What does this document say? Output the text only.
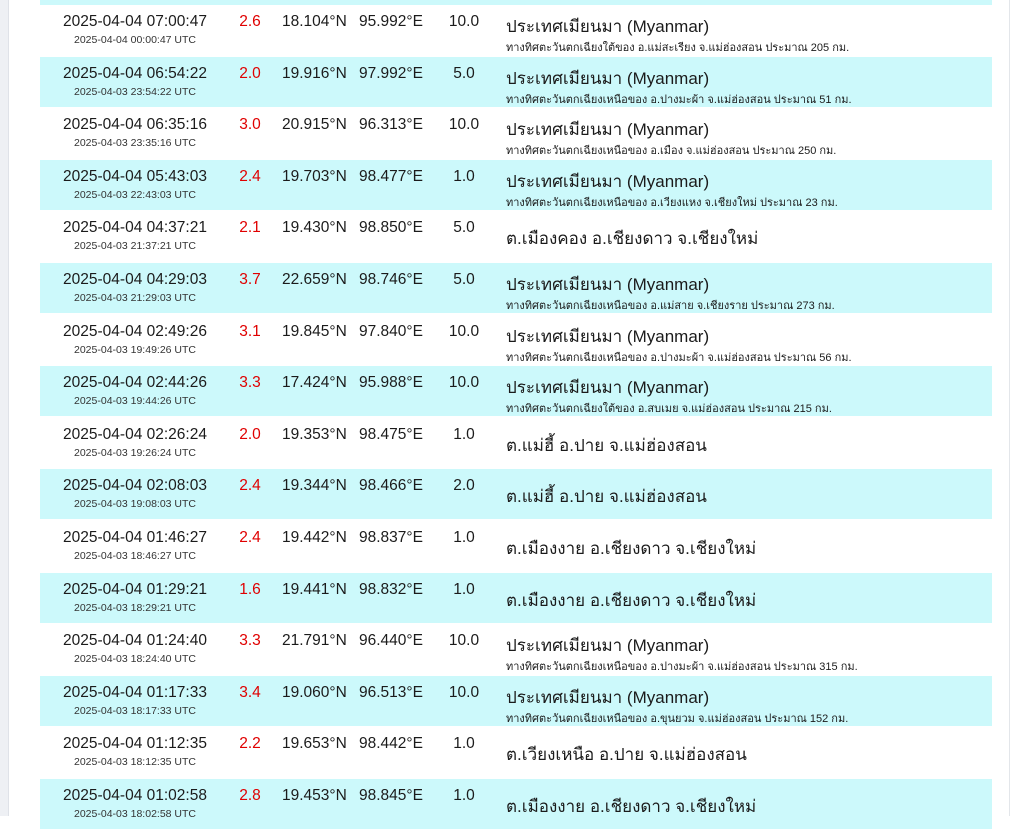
2025-04-04 07:00:47
2025-04-04 00:00:47 UTC
2.6	18.104°N 95.992°E	10.0	ประเทศเมียนมา (Myanmar)
ทางทิศตะวันตกเฉียงใต้ของ อ.แม่สะเรียง จ.แม่ฮ่องสอน ประมาณ 205 กม.
2025-04-04 06:54:22
2025-04-03 23:54:22 UTC
2.0	19.916°N 97.992°E	5.0	ประเทศเมียนมา (Myanmar)
ทางทิศตะวันตกเฉียงเหนือของ อ.ปางมะผ้า จ.แม่ฮ่องสอน ประมาณ 51 กม.
2025-04-04 06:35:16
2025-04-03 23:35:16 UTC
3.0	20.915°N 96.313°E	10.0	ประเทศเมียนมา (Myanmar)
ทางทิศตะวันตกเฉียงเหนือของ อ.เมือง จ.แม่ฮ่องสอน ประมาณ 250 กม.
2025-04-04 05:43:03
2025-04-03 22:43:03 UTC
2.4	19.703°N 98.477°E	1.0	ประเทศเมียนมา (Myanmar)
ทางทิศตะวันตกเฉียงเหนือของ อ.เวียงแหง จ.เชียงใหม่ ประมาณ 23 กม.
2025-04-04 04:37:21
2025-04-03 21:37:21 UTC
2.1	19.430°N 98.850°E	5.0
ต.เมืองคอง อ.เชียงดาว จ.เชียงใหม่
2025-04-04 04:29:03
2025-04-03 21:29:03 UTC
3.7	22.659°N 98.746°E	5.0	ประเทศเมียนมา (Myanmar)
ทางทิศตะวันตกเฉียงเหนือของ อ.แม่สาย จ.เชียงราย ประมาณ 273 กม.
2025-04-04 02:49:26
2025-04-03 19:49:26 UTC
3.1	19.845°N 97.840°E	10.0	ประเทศเมียนมา (Myanmar)
ทางทิศตะวันตกเฉียงเหนือของ อ.ปางมะผ้า จ.แม่ฮ่องสอน ประมาณ 56 กม.
2025-04-04 02:44:26
2025-04-03 19:44:26 UTC
3.3	17.424°N 95.988°E	10.0	ประเทศเมียนมา (Myanmar)
ทางทิศตะวันตกเฉียงใต้ของ อ.สบเมย จ.แม่ฮ่องสอน ประมาณ 215 กม.
2025-04-04 02:26:24
2025-04-03 19:26:24 UTC
2.0	19.353°N 98.475°E	1.0
ต.แม่ฮี้ อ.ปาย จ.แม่ฮ่องสอน
2025-04-04 02:08:03
2025-04-03 19:08:03 UTC
2.4	19.344°N 98.466°E	2.0
ต.แม่ฮี้ อ.ปาย จ.แม่ฮ่องสอน
2025-04-04 01:46:27
2025-04-03 18:46:27 UTC
2.4	19.442°N 98.837°E	1.0
ต.เมืองงาย อ.เชียงดาว จ.เชียงใหม่
2025-04-04 01:29:21
2025-04-03 18:29:21 UTC
1.6	19.441°N 98.832°E	1.0
ต.เมืองงาย อ.เชียงดาว จ.เชียงใหม่
2025-04-04 01:24:40
2025-04-03 18:24:40 UTC
3.3	21.791°N 96.440°E	10.0	ประเทศเมียนมา (Myanmar)
ทางทิศตะวันตกเฉียงเหนือของ อ.ปางมะผ้า จ.แม่ฮ่องสอน ประมาณ 315 กม.
2025-04-04 01:17:33
2025-04-03 18:17:33 UTC
3.4	19.060°N 96.513°E	10.0	ประเทศเมียนมา (Myanmar)
ทางทิศตะวันตกเฉียงเหนือของ อ.ขุนยวม จ.แม่ฮ่องสอน ประมาณ 152 กม.
2025-04-04 01:12:35
2025-04-03 18:12:35 UTC
2.2	19.653°N 98.442°E	1.0
ต.เวียงเหนือ อ.ปาย จ.แม่ฮ่องสอน
2025-04-04 01:02:58
2025-04-03 18:02:58 UTC
2.8	19.453°N 98.845°E	1.0
ต.เมืองงาย อ.เชียงดาว จ.เชียงใหม่
